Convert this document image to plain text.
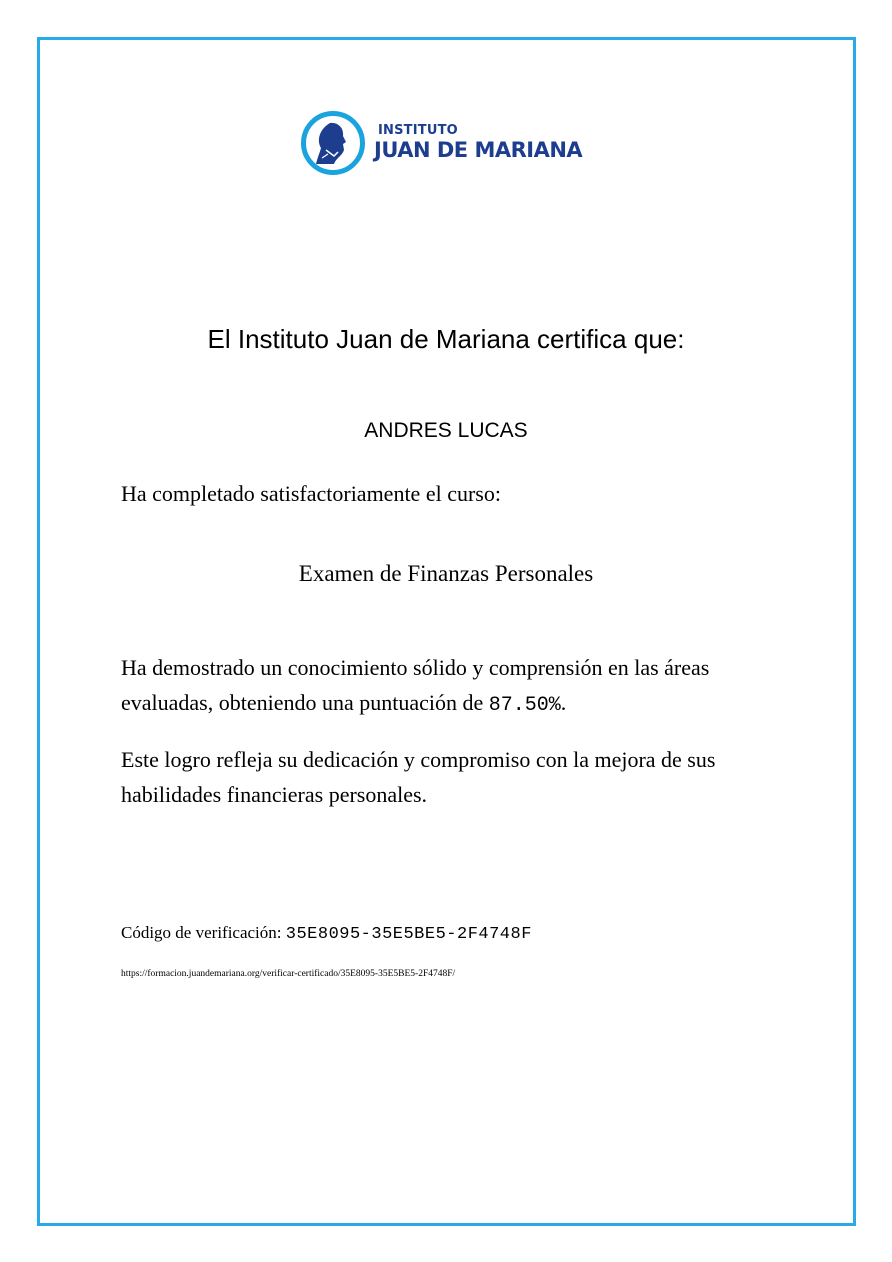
INSTITUTO
JUAN DE MARIANA
El Instituto Juan de Mariana certifica que:
ANDRES LUCAS
Ha completado satisfactoriamente el curso:
Examen de Finanzas Personales
Ha demostrado un conocimiento sólido y comprensión en las áreas evaluadas, obteniendo una puntuación de 87.50%.
Este logro refleja su dedicación y compromiso con la mejora de sus habilidades financieras personales.
Código de verificación: 35E8095-35E5BE5-2F4748F
https://formacion.juandemariana.org/verificar-certificado/35E8095-35E5BE5-2F4748F/
